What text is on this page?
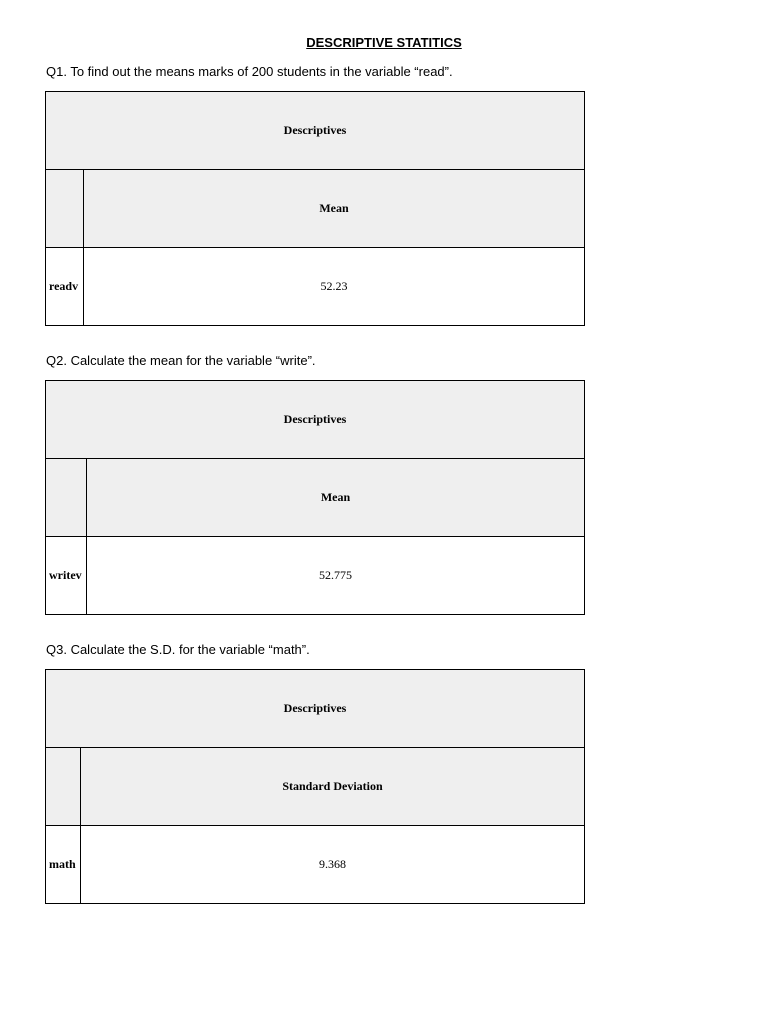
DESCRIPTIVE STATITICS
Q1. To find out the means marks of 200 students in the variable “read”.
Descriptives	
	Mean
readv	52.23
Q2. Calculate the mean for the variable “write”.
Descriptives	
	Mean
writev	52.775
Q3. Calculate the S.D. for the variable “math”.
Descriptives	
	Standard Deviation
math	9.368
